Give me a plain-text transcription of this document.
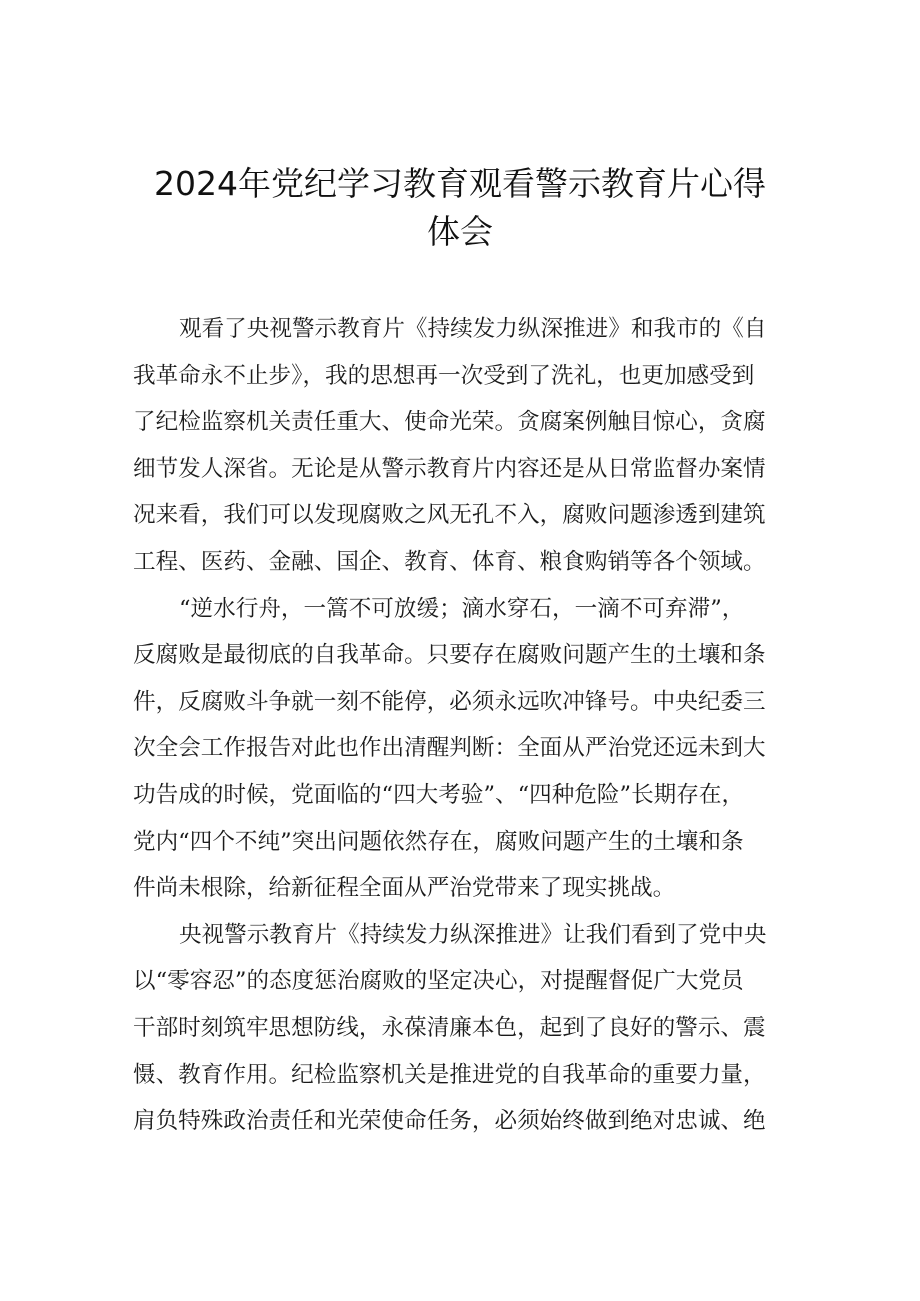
2024年党纪学习教育观看警示教育片心得
体会
观看了央视警示教育片《持续发力纵深推进》和我市的《自
我革命永不止步》，我的思想再一次受到了洗礼，也更加感受到
了纪检监察机关责任重大、使命光荣。贪腐案例触目惊心，贪腐
细节发人深省。无论是从警示教育片内容还是从日常监督办案情
况来看，我们可以发现腐败之风无孔不入，腐败问题渗透到建筑
工程、医药、金融、国企、教育、体育、粮食购销等各个领域。
“逆水行舟，一篙不可放缓；滴水穿石，一滴不可弃滞”，
反腐败是最彻底的自我革命。只要存在腐败问题产生的土壤和条
件，反腐败斗争就一刻不能停，必须永远吹冲锋号。中央纪委三
次全会工作报告对此也作出清醒判断：全面从严治党还远未到大
功告成的时候，党面临的“四大考验”、“四种危险”长期存在，
党内“四个不纯”突出问题依然存在，腐败问题产生的土壤和条
件尚未根除，给新征程全面从严治党带来了现实挑战。
央视警示教育片《持续发力纵深推进》让我们看到了党中央
以“零容忍”的态度惩治腐败的坚定决心，对提醒督促广大党员
干部时刻筑牢思想防线，永葆清廉本色，起到了良好的警示、震
慑、教育作用。纪检监察机关是推进党的自我革命的重要力量，
肩负特殊政治责任和光荣使命任务，必须始终做到绝对忠诚、绝
